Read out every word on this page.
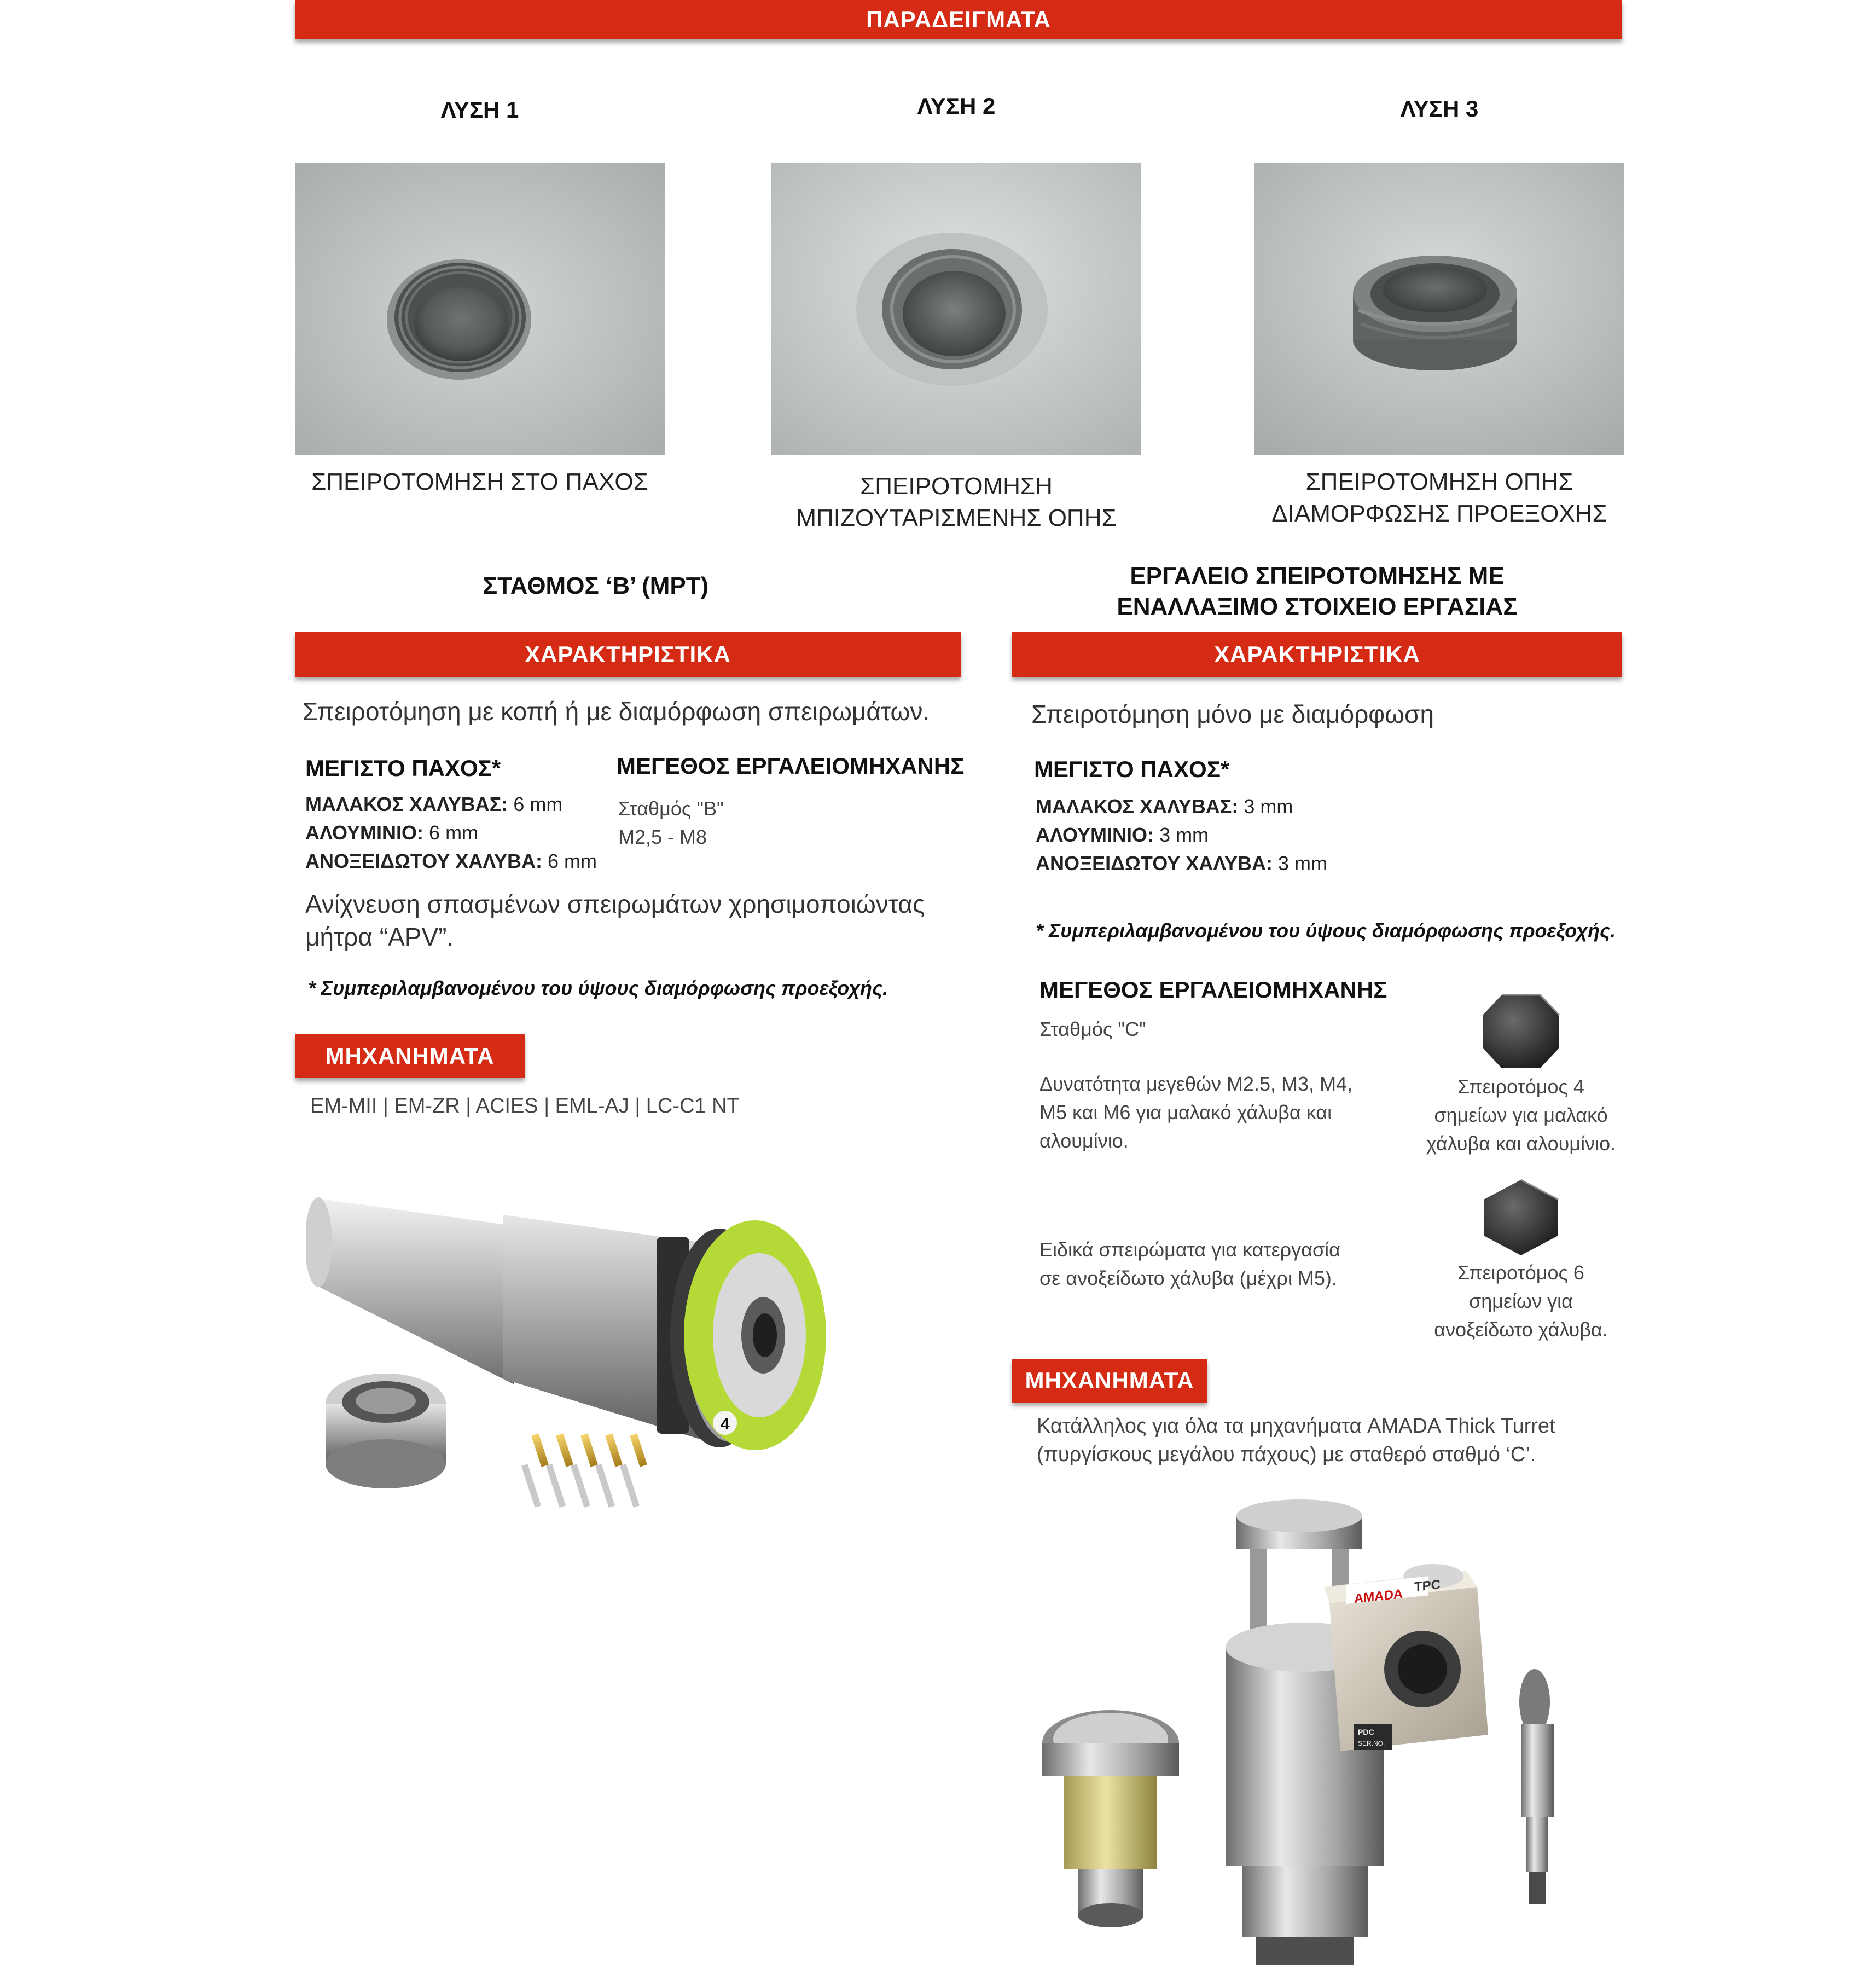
ΠΑΡΑΔΕΙΓΜΑΤΑ
ΛΥΣΗ 1	ΛΥΣΗ 2	ΛΥΣΗ 3
ΣΠΕΙΡΟΤΟΜΗΣΗ ΣΤΟ ΠΑΧΟΣ	ΣΠΕΙΡΟΤΟΜΗΣΗ
ΜΠΙΖΟΥΤΑΡΙΣΜΕΝΗΣ ΟΠΗΣ
ΣΠΕΙΡΟΤΟΜΗΣΗ ΟΠΗΣ
ΔΙΑΜΟΡΦΩΣΗΣ ΠΡΟΕΞΟΧΗΣ
ΣΤΑΘΜΟΣ ‘B’ (MPT)	ΕΡΓΑΛΕΙΟ ΣΠΕΙΡΟΤΟΜΗΣΗΣ ΜΕ
ΕΝΑΛΛΑΞΙΜΟ ΣΤΟΙΧΕΙΟ ΕΡΓΑΣΙΑΣ
ΧΑΡΑΚΤΗΡΙΣΤΙΚΑ	ΧΑΡΑΚΤΗΡΙΣΤΙΚΑ
Σπειροτόμηση με κοπή ή με διαμόρφωση σπειρωμάτων.
ΜΕΓΙΣΤΟ ΠΑΧΟΣ*
ΜΑΛΑΚΟΣ ΧΑΛΥΒΑΣ: 6 mm
ΑΛΟΥΜΙΝΙΟ: 6 mm
ΑΝΟΞΕΙΔΩΤΟΥ ΧΑΛΥΒΑ: 6 mm
ΜΕΓΕΘΟΣ ΕΡΓΑΛΕΙΟΜΗΧΑΝΗΣ
Σταθμός "B"
M2,5 - M8
Ανίχνευση σπασμένων σπειρωμάτων χρησιμοποιώντας
μήτρα “APV”.
* Συμπεριλαμβανομένου του ύψους διαμόρφωσης προεξοχής.
ΜΗΧΑΝΗΜΑΤΑ
EM-MII | EM-ZR | ACIES | EML-AJ | LC-C1 NT
4
Σπειροτόμηση μόνο με διαμόρφωση
ΜΕΓΙΣΤΟ ΠΑΧΟΣ*
ΜΑΛΑΚΟΣ ΧΑΛΥΒΑΣ: 3 mm
ΑΛΟΥΜΙΝΙΟ: 3 mm
ΑΝΟΞΕΙΔΩΤΟΥ ΧΑΛΥΒΑ: 3 mm
* Συμπεριλαμβανομένου του ύψους διαμόρφωσης προεξοχής.
ΜΕΓΕΘΟΣ ΕΡΓΑΛΕΙΟΜΗΧΑΝΗΣ
Σταθμός "C"
Δυνατότητα μεγεθών M2.5, M3, M4,
M5 και M6 για μαλακό χάλυβα και
αλουμίνιο.
Σπειροτόμος 4
σημείων για μαλακό
χάλυβα και αλουμίνιο.
Ειδικά σπειρώματα για κατεργασία
σε ανοξείδωτο χάλυβα (μέχρι M5).	Σπειροτόμος 6
σημείων για
ανοξείδωτο χάλυβα.
ΜΗΧΑΝΗΜΑΤΑ
Κατάλληλος για όλα τα μηχανήματα AMADA Thick Turret
(πυργίσκους μεγάλου πάχους) με σταθερό σταθμό ‘C’.
AMADA
TPC
PDC
SER.NO.
